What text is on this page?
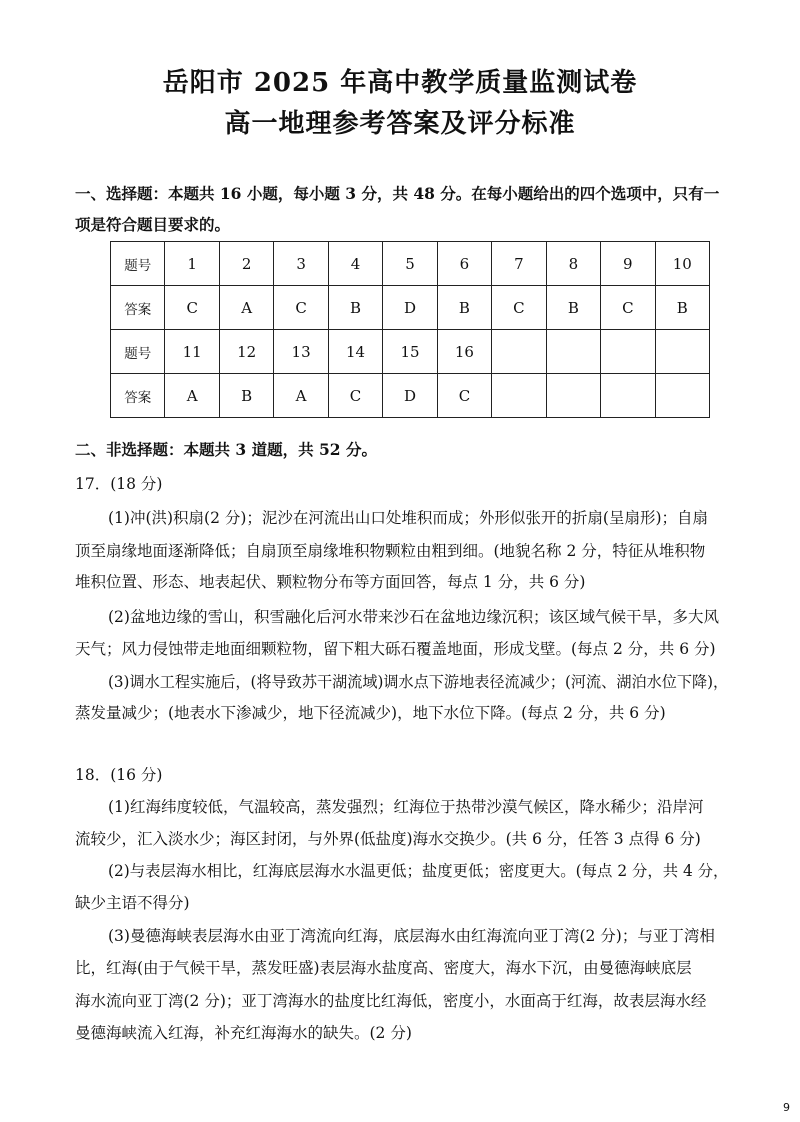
岳阳市 2025 年高中教学质量监测试卷
高一地理参考答案及评分标准
一、选择题：本题共 16 小题，每小题 3 分，共 48 分。在每小题给出的四个选项中，只有一
项是符合题目要求的。
题号	1	2	3	4	5	6	7	8	9	10
答案	C	A	C	B	D	B	C	B	C	B
题号	11	12	13	14	15	16				
答案	A	B	A	C	D	C				
二、非选择题：本题共 3 道题，共 52 分。
17．(18 分)
(1)冲(洪)积扇(2 分)；泥沙在河流出山口处堆积而成；外形似张开的折扇(呈扇形)；自扇
顶至扇缘地面逐渐降低；自扇顶至扇缘堆积物颗粒由粗到细。(地貌名称 2 分，特征从堆积物
堆积位置、形态、地表起伏、颗粒物分布等方面回答，每点 1 分，共 6 分)
(2)盆地边缘的雪山，积雪融化后河水带来沙石在盆地边缘沉积；该区域气候干旱，多大风
天气；风力侵蚀带走地面细颗粒物，留下粗大砾石覆盖地面，形成戈壁。(每点 2 分，共 6 分)
(3)调水工程实施后，(将导致苏干湖流域)调水点下游地表径流减少；(河流、湖泊水位下降)，
蒸发量减少；(地表水下渗减少，地下径流减少)，地下水位下降。(每点 2 分，共 6 分)
18．(16 分)
(1)红海纬度较低，气温较高，蒸发强烈；红海位于热带沙漠气候区，降水稀少；沿岸河
流较少，汇入淡水少；海区封闭，与外界(低盐度)海水交换少。(共 6 分，任答 3 点得 6 分)
(2)与表层海水相比，红海底层海水水温更低；盐度更低；密度更大。(每点 2 分，共 4 分，
缺少主语不得分)
(3)曼德海峡表层海水由亚丁湾流向红海，底层海水由红海流向亚丁湾(2 分)；与亚丁湾相
比，红海(由于气候干旱，蒸发旺盛)表层海水盐度高、密度大，海水下沉，由曼德海峡底层
海水流向亚丁湾(2 分)；亚丁湾海水的盐度比红海低，密度小，水面高于红海，故表层海水经
曼德海峡流入红海，补充红海海水的缺失。(2 分)
9
